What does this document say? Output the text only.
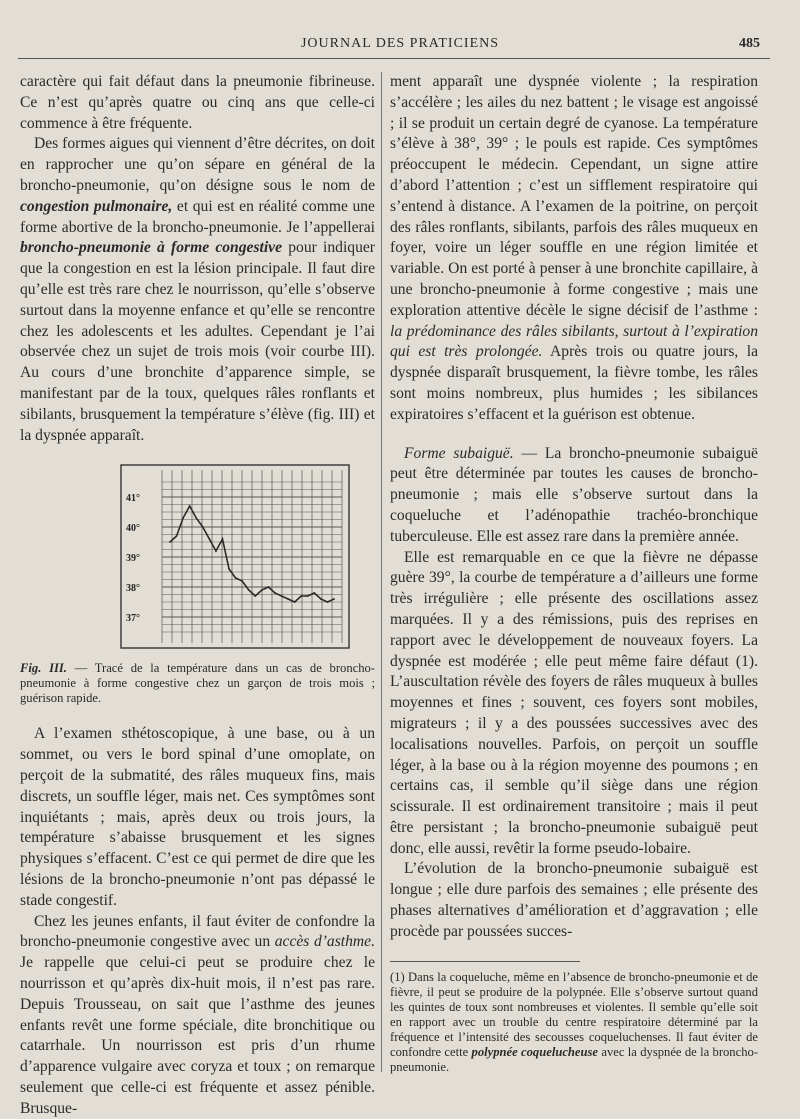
JOURNAL DES PRATICIENS	485

caractère qui fait défaut dans la pneumonie fibrineuse. Ce n’est qu’après quatre ou cinq ans que celle-ci commence à être fréquente.

Des formes aigues qui viennent d’être décrites, on doit en rapprocher une qu’on sépare en général de la broncho-pneumonie, qu’on désigne sous le nom de congestion pulmonaire, et qui est en réalité comme une forme abortive de la broncho-pneumonie. Je l’appellerai broncho-pneumonie à forme congestive pour indiquer que la congestion en est la lésion principale. Il faut dire qu’elle est très rare chez le nourrisson, qu’elle s’observe surtout dans la moyenne enfance et qu’elle se rencontre chez les adolescents et les adultes. Cependant je l’ai observée chez un sujet de trois mois (voir courbe III). Au cours d’une bronchite d’apparence simple, se manifestant par de la toux, quelques râles ronflants et sibilants, brusquement la température s’élève (fig. III) et la dyspnée apparaît.

41°
40°
39°
38°
37°

Fig. III. — Tracé de la température dans un cas de broncho-pneumonie à forme congestive chez un garçon de trois mois ; guérison rapide.

A l’examen sthétoscopique, à une base, ou à un sommet, ou vers le bord spinal d’une omoplate, on perçoit de la submatité, des râles muqueux fins, mais discrets, un souffle léger, mais net. Ces symptômes sont inquiétants ; mais, après deux ou trois jours, la température s’abaisse brusquement et les signes physiques s’effacent. C’est ce qui permet de dire que les lésions de la broncho-pneumonie n’ont pas dépassé le stade congestif.

Chez les jeunes enfants, il faut éviter de confondre la broncho-pneumonie congestive avec un accès d’asthme. Je rappelle que celui-ci peut se produire chez le nourrisson et qu’après dix-huit mois, il n’est pas rare. Depuis Trousseau, on sait que l’asthme des jeunes enfants revêt une forme spéciale, dite bronchitique ou catarrhale. Un nourrisson est pris d’un rhume d’apparence vulgaire avec coryza et toux ; on remarque seulement que celle-ci est fréquente et assez pénible. Brusque-

ment apparaît une dyspnée violente ; la respiration s’accélère ; les ailes du nez battent ; le visage est angoissé ; il se produit un certain degré de cyanose. La température s’élève à 38°, 39° ; le pouls est rapide. Ces symptômes préoccupent le médecin. Cependant, un signe attire d’abord l’attention ; c’est un sifflement respiratoire qui s’entend à distance. A l’examen de la poitrine, on perçoit des râles ronflants, sibilants, parfois des râles muqueux en foyer, voire un léger souffle en une région limitée et variable. On est porté à penser à une bronchite capillaire, à une broncho-pneumonie à forme congestive ; mais une exploration attentive décèle le signe décisif de l’asthme : la prédominance des râles sibilants, surtout à l’expiration qui est très prolongée. Après trois ou quatre jours, la dyspnée disparaît brusquement, la fièvre tombe, les râles sont moins nombreux, plus humides ; les sibilances expiratoires s’effacent et la guérison est obtenue.

Forme subaiguë. — La broncho-pneumonie subaiguë peut être déterminée par toutes les causes de broncho-pneumonie ; mais elle s’observe surtout dans la coqueluche et l’adénopathie trachéo-bronchique tuberculeuse. Elle est assez rare dans la première année.

Elle est remarquable en ce que la fièvre ne dépasse guère 39°, la courbe de température a d’ailleurs une forme très irrégulière ; elle présente des oscillations assez marquées. Il y a des rémissions, puis des reprises en rapport avec le développement de nouveaux foyers. La dyspnée est modérée ; elle peut même faire défaut (1). L’auscultation révèle des foyers de râles muqueux à bulles moyennes et fines ; souvent, ces foyers sont mobiles, migrateurs ; il y a des poussées successives avec des localisations nouvelles. Parfois, on perçoit un souffle léger, à la base ou à la région moyenne des poumons ; en certains cas, il semble qu’il siège dans une région scissurale. Il est ordinairement transitoire ; mais il peut être persistant ; la broncho-pneumonie subaiguë peut donc, elle aussi, revêtir la forme pseudo-lobaire.

L’évolution de la broncho-pneumonie subaiguë est longue ; elle dure parfois des semaines ; elle présente des phases alternatives d’amélioration et d’aggravation ; elle procède par poussées succes-

(1) Dans la coqueluche, même en l’absence de broncho-pneumonie et de fièvre, il peut se produire de la polypnée. Elle s’observe surtout quand les quintes de toux sont nombreuses et violentes. Il semble qu’elle soit en rapport avec un trouble du centre respiratoire déterminé par la fréquence et l’intensité des secousses coqueluchenses. Il faut éviter de confondre cette polypnée coquelucheuse avec la dyspnée de la broncho-pneumonie.
